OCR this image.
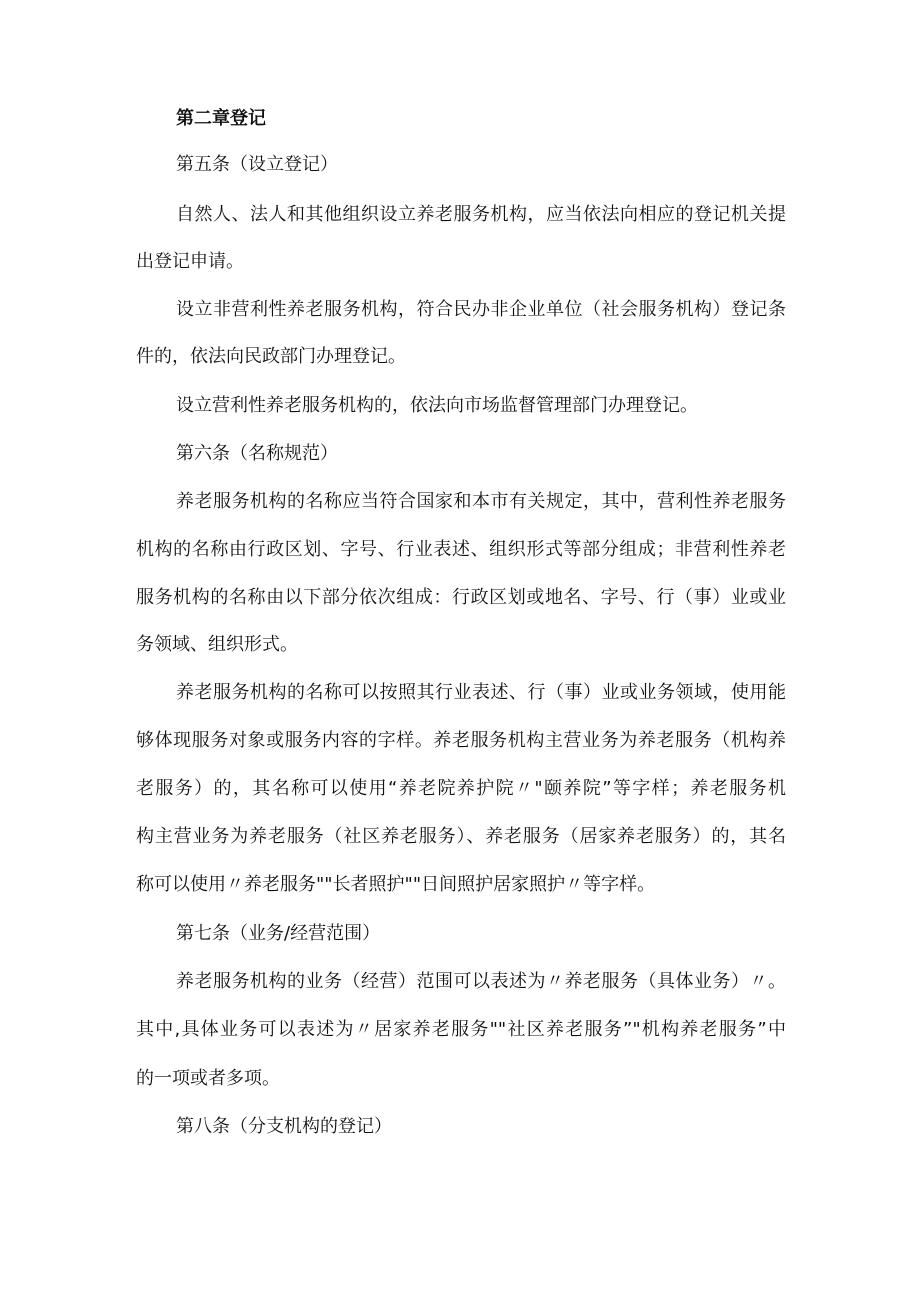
第二章登记
第五条（设立登记）
自然人、法人和其他组织设立养老服务机构，应当依法向相应的登记机关提
出登记申请。
设立非营利性养老服务机构，符合民办非企业单位（社会服务机构）登记条
件的，依法向民政部门办理登记。
设立营利性养老服务机构的，依法向市场监督管理部门办理登记。
第六条（名称规范）
养老服务机构的名称应当符合国家和本市有关规定，其中，营利性养老服务
机构的名称由行政区划、字号、行业表述、组织形式等部分组成；非营利性养老
服务机构的名称由以下部分依次组成：行政区划或地名、字号、行（事）业或业
务领域、组织形式。
养老服务机构的名称可以按照其行业表述、行（事）业或业务领域，使用能
够体现服务对象或服务内容的字样。养老服务机构主营业务为养老服务（机构养
老服务）的，其名称可以使用“养老院养护院〃"颐养院”等字样；养老服务机
构主营业务为养老服务（社区养老服务）、养老服务（居家养老服务）的，其名
称可以使用〃养老服务""长者照护""日间照护居家照护〃等字样。
第七条（业务/经营范围）
养老服务机构的业务（经营）范围可以表述为〃养老服务（具体业务）〃。
其中,具体业务可以表述为〃居家养老服务""社区养老服务”"机构养老服务”中
的一项或者多项。
第八条（分支机构的登记）
